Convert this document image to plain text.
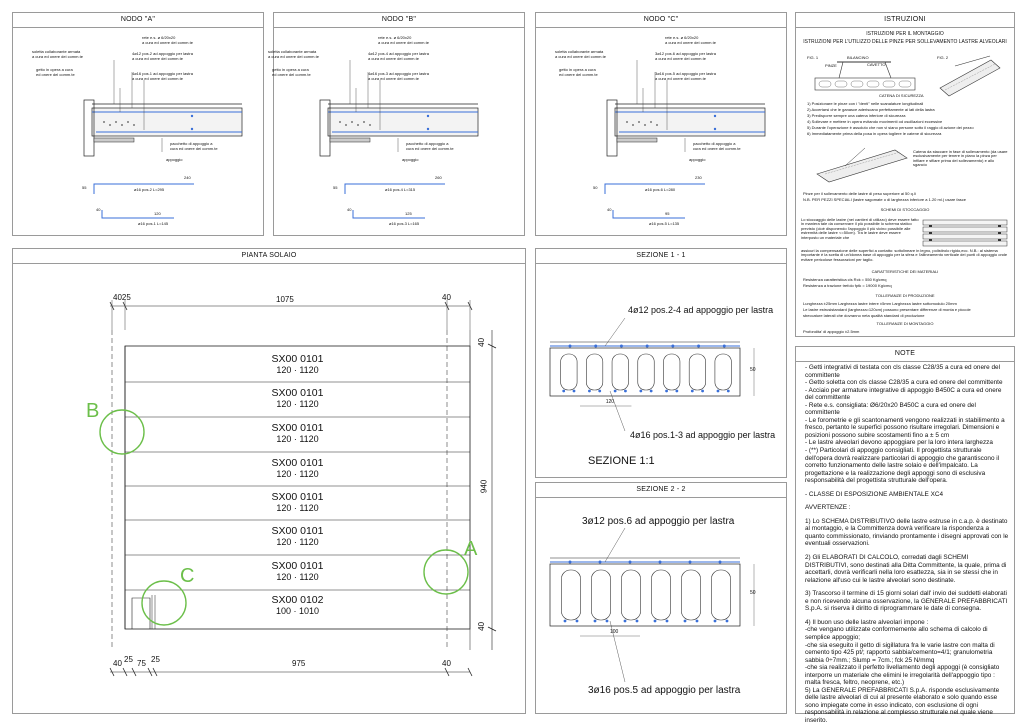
NODO "A"	NODO "B"	NODO "C"	ISTRUZIONI
PIANTA SOLAIO	SEZIONE 1 - 1
SEZIONE 2 - 2
NOTE
rete e.s. ø 6/20x20
a cura ed onere dei comm.te
soletta collaborante armata
a cura ed onere dei comm.te
4ø12 pos.2 ad appoggio per lastra
a cura ed onere dei comm.te
getto in opera a cura
ed onere del comm.te	4ø16 pos.1 ad appoggio per lastra
a cura ed onere dei comm.te
pacchetto di appoggio a
cura ed onere dei comm.te
appoggio
240
55
40
ø16 pos.2 L=295
120
ø16 pos.1 L=145
rete e.s. ø 6/20x20
a cura ed onere dei comm.te
soletta collaborante armata
a cura ed onere dei comm.te
4ø12 pos.4 ad appoggio per lastra
a cura ed onere dei comm.te
getto in opera a cura
ed onere del comm.te	4ø16 pos.3 ad appoggio per lastra
a cura ed onere dei comm.te
pacchetto di appoggio a
cura ed onere dei comm.te
appoggio
260
55
40
ø16 pos.4 L=315
125
ø16 pos.3 L=165
rete e.s. ø 6/20x20
a cura ed onere dei comm.te
soletta collaborante armata
a cura ed onere dei comm.te
3ø12 pos.6 ad appoggio per lastra
a cura ed onere dei comm.te
getto in opera a cura
ed onere del comm.te	3ø16 pos.5 ad appoggio per lastra
a cura ed onere dei comm.te
pacchetto di appoggio a
cura ed onere dei comm.te
appoggio
230
50
40
ø16 pos.6 L=280
95
ø16 pos.5 L=135
ISTRUZIONI PER IL MONTAGGIO
ISTRUZIONI PER L'UTILIZZO DELLE PINZE PER SOLLEVAMENTO LASTRE ALVEOLARI
FIG. 1	FIG. 2
BILANCINO
PINZE	CAVETTO
CATENA DI SICUREZZA
1) Posizionare le pinze con i "denti" nelle scanalature longitudinali
2) Accertarsi che le ganasce aderiscano perfettamente ai lati della lastra
3) Predisporre sempre una catena inferiore di sicurezza
4) Sollevare e mettere in opera evitando movimenti od oscillazioni eccessive
5) Durante l'operazione è assoluto che non vi siano persone sotto il raggio di azione dei pezzo
6) Immediatamente prima della posa in opera togliere le catene di sicurezza
Catena da staccare in fase di sollevamento (da usare esclusivamente per tenere in piano la pinza per infilare e sfilare prima del sollevamento) e allo sgancio
Pinze per il sollevamento delle lastre di peso superiore ai 50 q.li
N.B. PER PEZZI SPECIALI (lastre sagomate o di larghezza inferiore a 1.20 ml.) usare fasce
SCHEMI DI STOCCAGGIO
Lo stoccaggio delle lastre (nei cantieri di utilizzo) deve essere fatto in maniera tale da conservare il più possibile lo schema statico previsto (cioè disponendo l'appoggio il più vicino possibile alle estremità delle lastre <=50cm). Tra le lastre deve essere interposto un materiale che
assicuri la compensazione delle superfici a contatto: sottolineare in legno, polistirolo rigido,ecc. N.B.: al sistema importante è la scelta di un'idonea base di appoggio per la sfera e l'allineamento verticale dei punti di appoggio onde evitare pericolose fessurazioni per taglio.
CARATTERISTICHE DEI MATERIALI
Resistenza caratteristica cls Rck = 550 Kg/cmq
Resistenza a trazione trefolo fptk = 19000 Kg/cmq
TOLLERANZE DI PRODUZIONE
Lunghezza ±25mm Larghezza lastre intere ±5mm Larghezza lastre sottomodulo 20mm
Le lastre estrusistandard (larghezza=120cm) possono presentare differenze di monta e piccole
sbeccature laterali che dovranno neta qualità standard di produzione
TOLLERANZE DI MONTAGGIO
Profondita' di appoggio ±2.5mm
4025	1075	40
40
940
40
40 25 75 25	975	40
SX00 0101
120 · 1120
SX00 0101
120 · 1120
SX00 0101
120 · 1120
SX00 0101
120 · 1120
SX00 0101
120 · 1120
SX00 0101
120 · 1120
SX00 0101
120 · 1120
SX00 0102
100 · 1010
B
A
C
120
50
4ø12 pos.2-4 ad appoggio per lastra
4ø16 pos.1-3 ad appoggio per lastra
SEZIONE 1:1
100
50
3ø12 pos.6 ad appoggio per lastra
3ø16 pos.5 ad appoggio per lastra

- Getti integrativi di testata con cls classe C28/35 a cura ed onere del committente

- Getto soletta con cls classe C28/35 a cura ed onere del committente

- Acciaio per armature integrative di appoggio B450C a cura ed onere del committente

- Rete e.s. consigliata: Ø6/20x20 B450C a cura ed onere del committente

- Le forometrie e gli scantonamenti vengono realizzati in stabilimento a fresco, pertanto le superfici possono risultare irregolari. Dimensioni e posizioni possono subire scostamenti fino a ± 5 cm

- Le lastre alveolari devono appoggiare per la loro intera larghezza

- (**) Particolari di appoggio consigliati. Il progettista strutturale dell'opera dovrà realizzare particolari di appoggio che garantiscono il corretto funzionamento delle lastre solaio e dell'impalcato. La progettazione e la realizzazione degli appoggi sono di esclusiva responsabilità del progettista strutturale dell'opera.

- CLASSE DI ESPOSIZIONE AMBIENTALE XC4

AVVERTENZE :

1) Lo SCHEMA DISTRIBUTIVO delle lastre estruse in c.a.p. è destinato al montaggio, e la Committenza dovrà verificare la rispondenza a quanto commissionato, rinviando prontamente i disegni approvati con le eventuali osservazioni.

2) Gli ELABORATI DI CALCOLO, corredati dagli SCHEMI DISTRIBUTIVI, sono destinati alla Ditta Committente, la quale, prima di accettarli, dovrà verificarli nella loro esattezza, sia in se stessi che in relazione all'uso cui le lastre alveolari sono destinate.

3) Trascorso il termine di 15 giorni solari dall' invio dei suddetti elaborati e non ricevendo alcuna osservazione, la GENERALE PREFABBRICATI S.p.A. si riserva il diritto di riprogrammare le date di consegna.

4) Il buon uso delle lastre alveolari impone :

-che vengano utilizzate conformemente allo schema di calcolo di semplice appoggio;

-che sia eseguito il getto di sigillatura fra le varie lastre con malta di cemento tipo 425 pt/; rapporto sabbia/cemento=4/1; granulometria sabbia 0÷7mm.; Slump = 7cm.; fck 25 N/mmq

-che sia realizzato il perfetto livellamento degli appoggi (è consigliato interporre un materiale che elimini le irregolarità dell'appoggio tipo : malta fresca, feltro, neoprene, etc.)

5) La GENERALE PREFABBRICATI S.p.A. risponde esclusivamente delle lastre alveolari di cui al presente elaborato e solo quando esse sono impiegate come in esso indicato, con esclusione di ogni responsabilità in relazione al complesso strutturale nel quale viene inserito.
